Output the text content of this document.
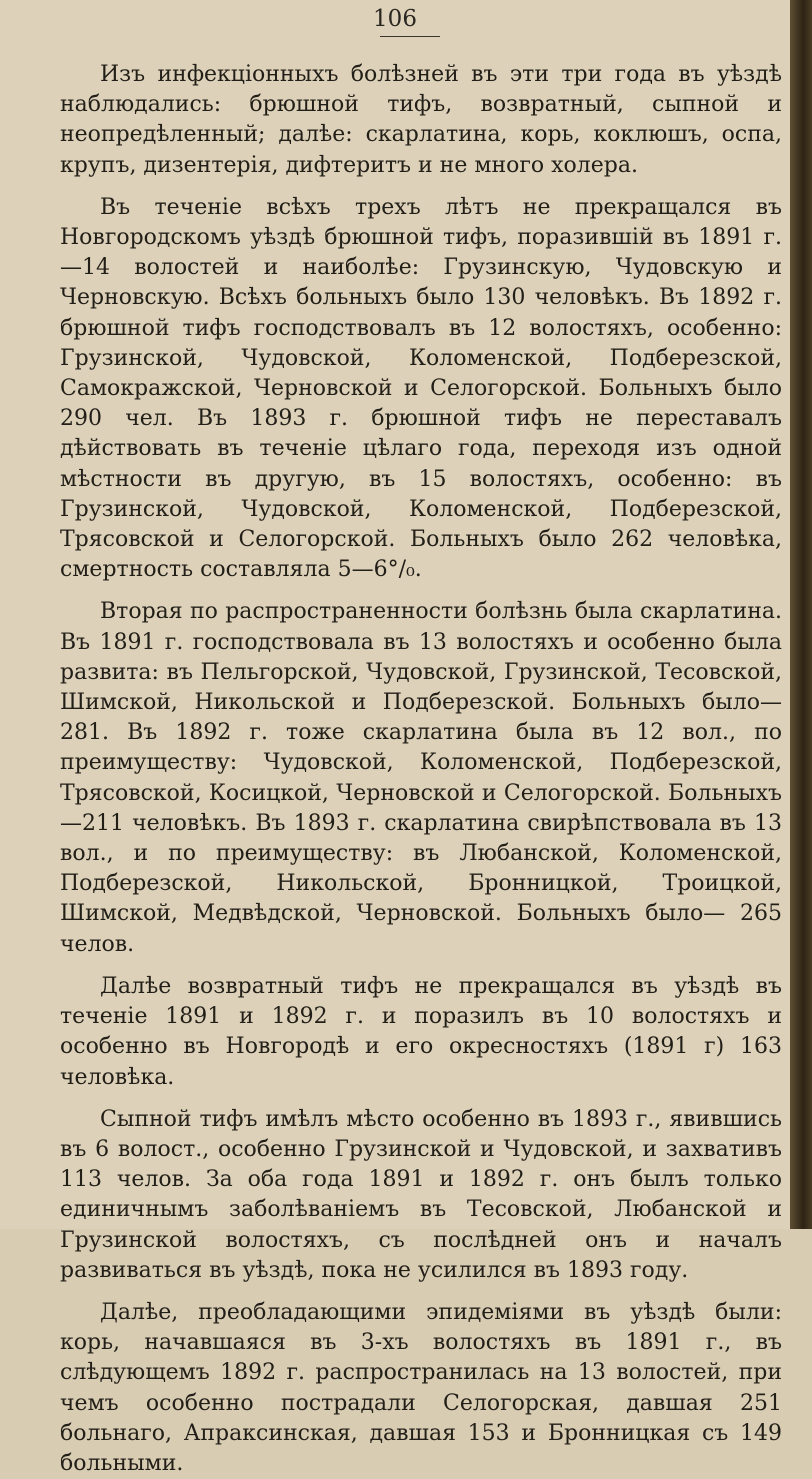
106

Изъ инфекціонныхъ болѣзней въ эти три года въ уѣздѣ наблюдались: брюшной тифъ, возвратный, сыпной и неопредѣленный; далѣе: скарлатина, корь, коклюшъ, оспа, крупъ, дизентерія, дифтеритъ и не много холера.

Въ теченіе всѣхъ трехъ лѣтъ не прекращался въ Новгородскомъ уѣздѣ брюшной тифъ, поразившій въ 1891 г.—14 волостей и наиболѣе: Грузинскую, Чудовскую и Черновскую. Всѣхъ больныхъ было 130 человѣкъ. Въ 1892 г. брюшной тифъ господствовалъ въ 12 волостяхъ, особенно: Грузинской, Чудовской, Коломенской, Подберезской, Самокражской, Черновской и Селогорской. Больныхъ было 290 чел. Въ 1893 г. брюшной тифъ не переставалъ дѣйствовать въ теченіе цѣлаго года, переходя изъ одной мѣстности въ другую, въ 15 волостяхъ, особенно: въ Грузинской, Чудовской, Коломенской, Подберезской, Трясовской и Селогорской. Больныхъ было 262 человѣка, смертность составляла 5—6°/₀.

Вторая по распространенности болѣзнь была скарлатина. Въ 1891 г. господствовала въ 13 волостяхъ и особенно была развита: въ Пельгорской, Чудовской, Грузинской, Тесовской, Шимской, Никольской и Подберезской. Больныхъ было—281. Въ 1892 г. тоже скарлатина была въ 12 вол., по преимуществу: Чудовской, Коломенской, Подберезской, Трясовской, Косицкой, Черновской и Селогорской. Больныхъ—211 человѣкъ. Въ 1893 г. скарлатина свирѣпствовала въ 13 вол., и по преимуществу: въ Любанской, Коломенской, Подберезской, Никольской, Бронницкой, Троицкой, Шимской, Медвѣдской, Черновской. Больныхъ было— 265 челов.

Далѣе возвратный тифъ не прекращался въ уѣздѣ въ теченіе 1891 и 1892 г. и поразилъ въ 10 волостяхъ и особенно въ Новгородѣ и его окресностяхъ (1891 г) 163 человѣка.

Сыпной тифъ имѣлъ мѣсто особенно въ 1893 г., явившись въ 6 волост., особенно Грузинской и Чудовской, и захвативъ 113 челов. За оба года 1891 и 1892 г. онъ былъ только единичнымъ заболѣваніемъ въ Тесовской, Любанской и Грузинской волостяхъ, съ послѣдней онъ и началъ развиваться въ уѣздѣ, пока не усилился въ 1893 году.

Далѣе, преобладающими эпидеміями въ уѣздѣ были: корь, начавшаяся въ 3-хъ волостяхъ въ 1891 г., въ слѣдующемъ 1892 г. распространилась на 13 волостей, при чемъ особенно пострадали Селогорская, давшая 251 больнаго, Апраксинская, давшая 153 и Бронницкая съ 149 больными.
